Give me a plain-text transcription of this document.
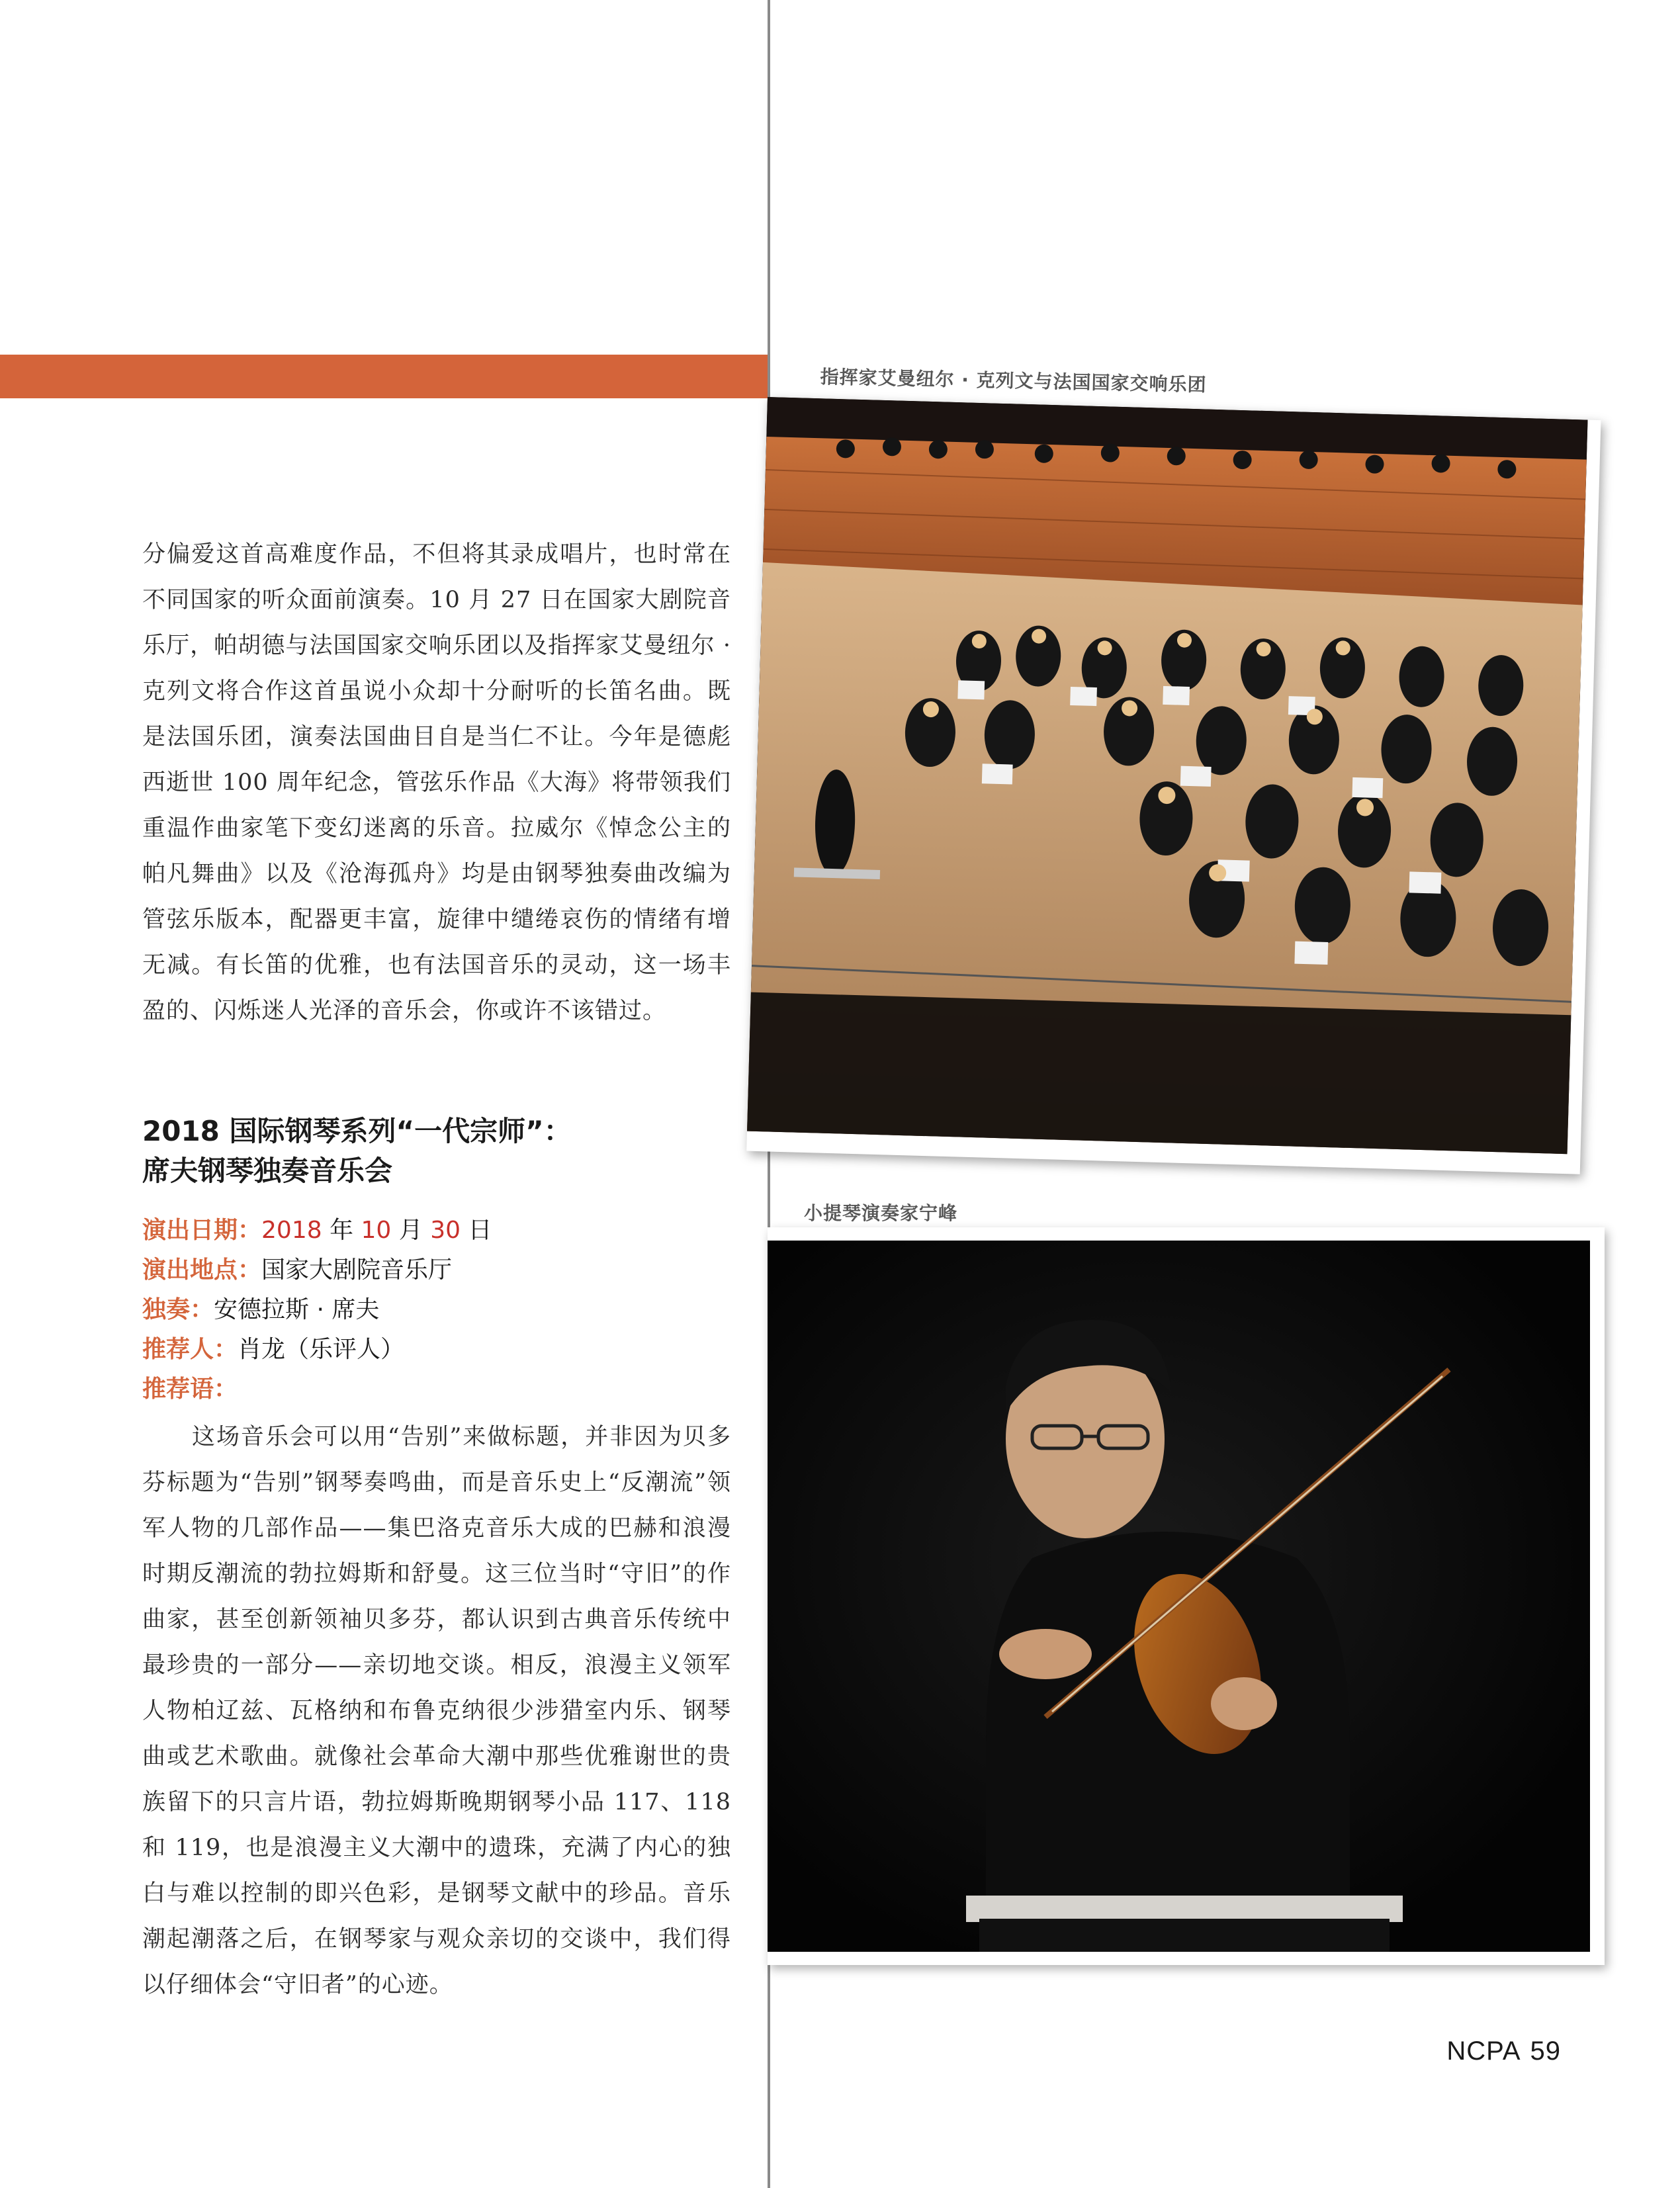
指挥家艾曼纽尔 · 克列文与法国国家交响乐团
小提琴演奏家宁峰
分偏爱这首高难度作品，不但将其录成唱片，也时常在不同国家的听众面前演奏。10 月 27 日在国家大剧院音乐厅，帕胡德与法国国家交响乐团以及指挥家艾曼纽尔 · 克列文将合作这首虽说小众却十分耐听的长笛名曲。既是法国乐团，演奏法国曲目自是当仁不让。今年是德彪西逝世 100 周年纪念，管弦乐作品《大海》将带领我们重温作曲家笔下变幻迷离的乐音。拉威尔《悼念公主的帕凡舞曲》以及《沧海孤舟》均是由钢琴独奏曲改编为管弦乐版本，配器更丰富，旋律中缱绻哀伤的情绪有增无减。有长笛的优雅，也有法国音乐的灵动，这一场丰盈的、闪烁迷人光泽的音乐会，你或许不该错过。
2018 国际钢琴系列“一代宗师”：
席夫钢琴独奏音乐会
演出日期：2018 年 10 月 30 日
演出地点：国家大剧院音乐厅
独奏：安德拉斯 · 席夫
推荐人：肖龙（乐评人）
推荐语：
这场音乐会可以用“告别”来做标题，并非因为贝多芬标题为“告别”钢琴奏鸣曲，而是音乐史上“反潮流”领军人物的几部作品——集巴洛克音乐大成的巴赫和浪漫时期反潮流的勃拉姆斯和舒曼。这三位当时“守旧”的作曲家，甚至创新领袖贝多芬，都认识到古典音乐传统中最珍贵的一部分——亲切地交谈。相反，浪漫主义领军人物柏辽兹、瓦格纳和布鲁克纳很少涉猎室内乐、钢琴曲或艺术歌曲。就像社会革命大潮中那些优雅谢世的贵族留下的只言片语，勃拉姆斯晚期钢琴小品 117、118 和 119，也是浪漫主义大潮中的遗珠，充满了内心的独白与难以控制的即兴色彩，是钢琴文献中的珍品。音乐潮起潮落之后，在钢琴家与观众亲切的交谈中，我们得以仔细体会“守旧者”的心迹。
NCPA 59
